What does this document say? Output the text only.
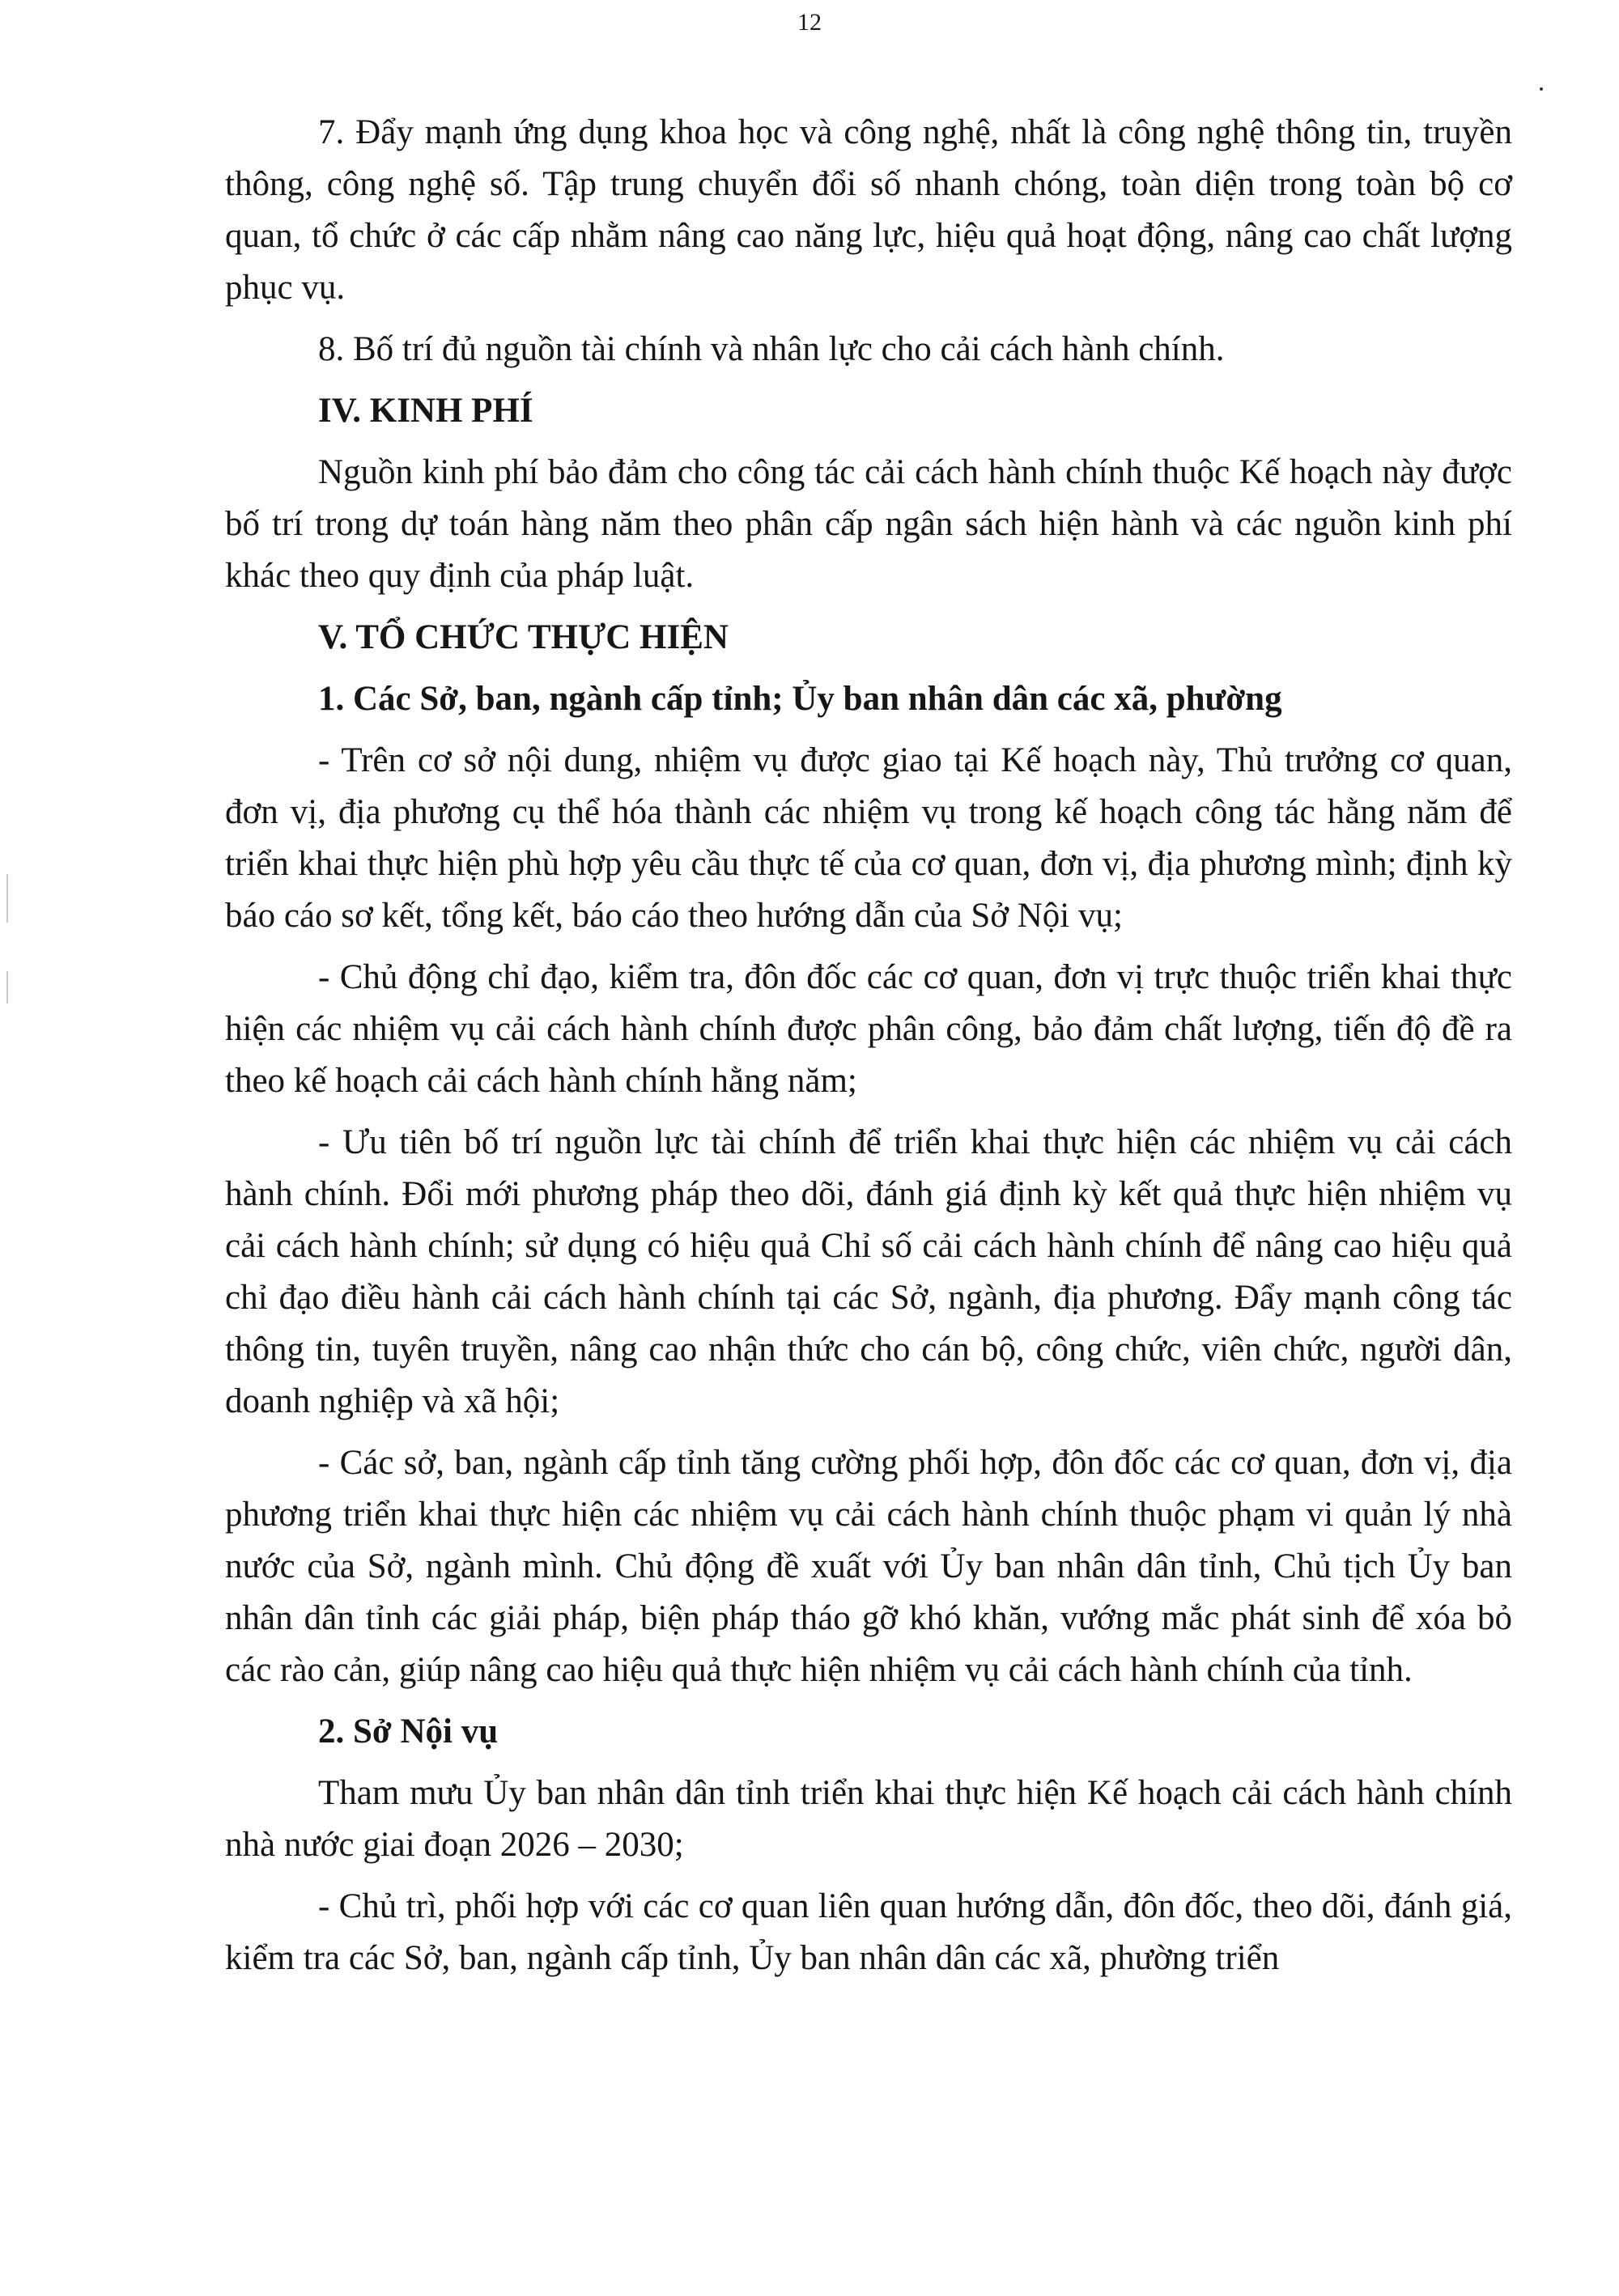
12

7. Đẩy mạnh ứng dụng khoa học và công nghệ, nhất là công nghệ thông tin, truyền thông, công nghệ số. Tập trung chuyển đổi số nhanh chóng, toàn diện trong toàn bộ cơ quan, tổ chức ở các cấp nhằm nâng cao năng lực, hiệu quả hoạt động, nâng cao chất lượng phục vụ.

8. Bố trí đủ nguồn tài chính và nhân lực cho cải cách hành chính.

IV. KINH PHÍ

Nguồn kinh phí bảo đảm cho công tác cải cách hành chính thuộc Kế hoạch này được bố trí trong dự toán hàng năm theo phân cấp ngân sách hiện hành và các nguồn kinh phí khác theo quy định của pháp luật.

V. TỔ CHỨC THỰC HIỆN

1. Các Sở, ban, ngành cấp tỉnh; Ủy ban nhân dân các xã, phường

- Trên cơ sở nội dung, nhiệm vụ được giao tại Kế hoạch này, Thủ trưởng cơ quan, đơn vị, địa phương cụ thể hóa thành các nhiệm vụ trong kế hoạch công tác hằng năm để triển khai thực hiện phù hợp yêu cầu thực tế của cơ quan, đơn vị, địa phương mình; định kỳ báo cáo sơ kết, tổng kết, báo cáo theo hướng dẫn của Sở Nội vụ;

- Chủ động chỉ đạo, kiểm tra, đôn đốc các cơ quan, đơn vị trực thuộc triển khai thực hiện các nhiệm vụ cải cách hành chính được phân công, bảo đảm chất lượng, tiến độ đề ra theo kế hoạch cải cách hành chính hằng năm;

- Ưu tiên bố trí nguồn lực tài chính để triển khai thực hiện các nhiệm vụ cải cách hành chính. Đổi mới phương pháp theo dõi, đánh giá định kỳ kết quả thực hiện nhiệm vụ cải cách hành chính; sử dụng có hiệu quả Chỉ số cải cách hành chính để nâng cao hiệu quả chỉ đạo điều hành cải cách hành chính tại các Sở, ngành, địa phương. Đẩy mạnh công tác thông tin, tuyên truyền, nâng cao nhận thức cho cán bộ, công chức, viên chức, người dân, doanh nghiệp và xã hội;

- Các sở, ban, ngành cấp tỉnh tăng cường phối hợp, đôn đốc các cơ quan, đơn vị, địa phương triển khai thực hiện các nhiệm vụ cải cách hành chính thuộc phạm vi quản lý nhà nước của Sở, ngành mình. Chủ động đề xuất với Ủy ban nhân dân tỉnh, Chủ tịch Ủy ban nhân dân tỉnh các giải pháp, biện pháp tháo gỡ khó khăn, vướng mắc phát sinh để xóa bỏ các rào cản, giúp nâng cao hiệu quả thực hiện nhiệm vụ cải cách hành chính của tỉnh.

2. Sở Nội vụ

Tham mưu Ủy ban nhân dân tỉnh triển khai thực hiện Kế hoạch cải cách hành chính nhà nước giai đoạn 2026 – 2030;

- Chủ trì, phối hợp với các cơ quan liên quan hướng dẫn, đôn đốc, theo dõi, đánh giá, kiểm tra các Sở, ban, ngành cấp tỉnh, Ủy ban nhân dân các xã, phường triển
